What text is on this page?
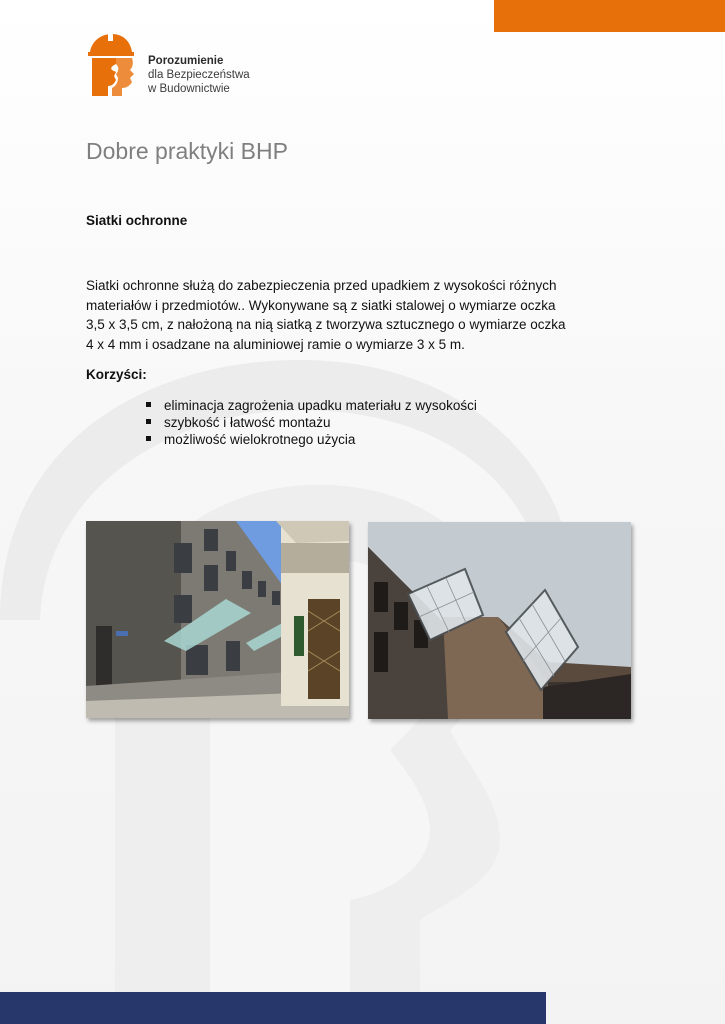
Porozumienie
dla Bezpieczeństwa
w Budownictwie
Dobre praktyki BHP
Siatki ochronne
Siatki ochronne służą do zabezpieczenia przed upadkiem z wysokości różnych
materiałów i przedmiotów.. Wykonywane są z siatki stalowej o wymiarze oczka
3,5 x 3,5 cm, z nałożoną na nią siatką z tworzywa sztucznego o wymiarze oczka
4 x 4 mm i osadzane na aluminiowej ramie o wymiarze 3 x 5 m.
Korzyści:
eliminacja zagrożenia upadku materiału z wysokości
szybkość i łatwość montażu
możliwość wielokrotnego użycia
